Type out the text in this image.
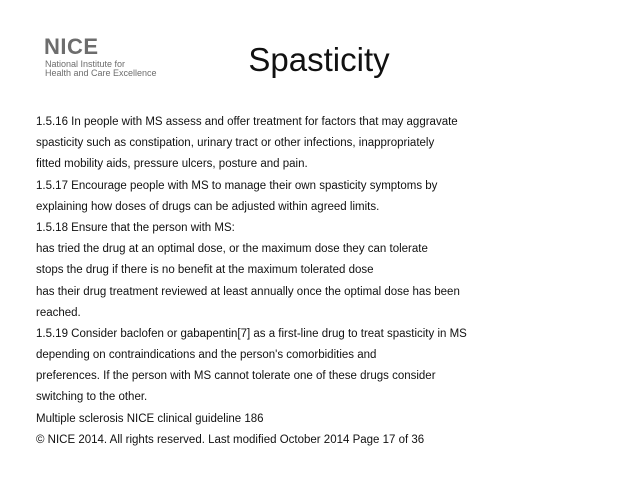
NICE
National Institute for
Health and Care Excellence	Spasticity
1.5.16 In people with MS assess and offer treatment for factors that may aggravate
spasticity such as constipation, urinary tract or other infections, inappropriately
fitted mobility aids, pressure ulcers, posture and pain.
1.5.17 Encourage people with MS to manage their own spasticity symptoms by
explaining how doses of drugs can be adjusted within agreed limits.
1.5.18 Ensure that the person with MS:
has tried the drug at an optimal dose, or the maximum dose they can tolerate
stops the drug if there is no benefit at the maximum tolerated dose
has their drug treatment reviewed at least annually once the optimal dose has been
reached.
1.5.19 Consider baclofen or gabapentin[7] as a first-line drug to treat spasticity in MS
depending on contraindications and the person's comorbidities and
preferences. If the person with MS cannot tolerate one of these drugs consider
switching to the other.
Multiple sclerosis NICE clinical guideline 186
© NICE 2014. All rights reserved. Last modified October 2014 Page 17 of 36
